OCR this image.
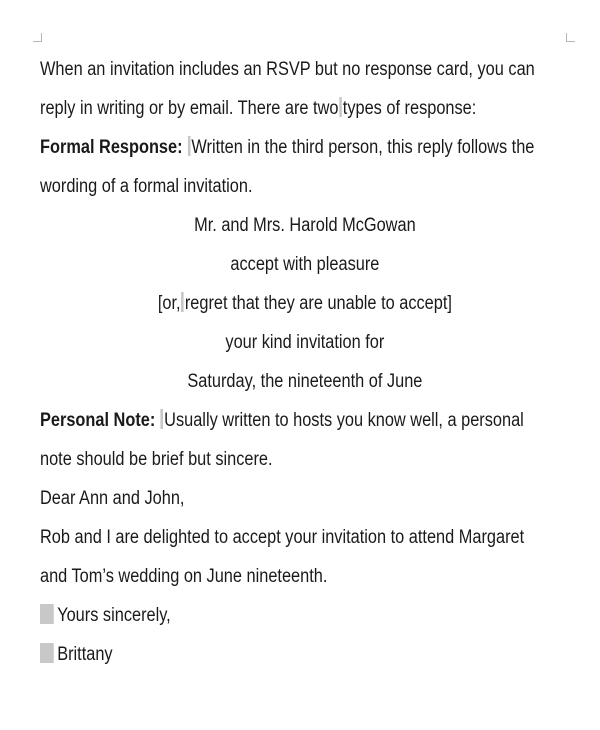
When an invitation includes an RSVP but no response card, you can
reply in writing or by email. There are two types of response:
Formal Response: Written in the third person, this reply follows the
wording of a formal invitation.
Mr. and Mrs. Harold McGowan
accept with pleasure
[or, regret that they are unable to accept]
your kind invitation for
Saturday, the nineteenth of June
Personal Note: Usually written to hosts you know well, a personal
note should be brief but sincere.
Dear Ann and John,
Rob and I are delighted to accept your invitation to attend Margaret
and Tom’s wedding on June nineteenth.
Yours sincerely,
Brittany
